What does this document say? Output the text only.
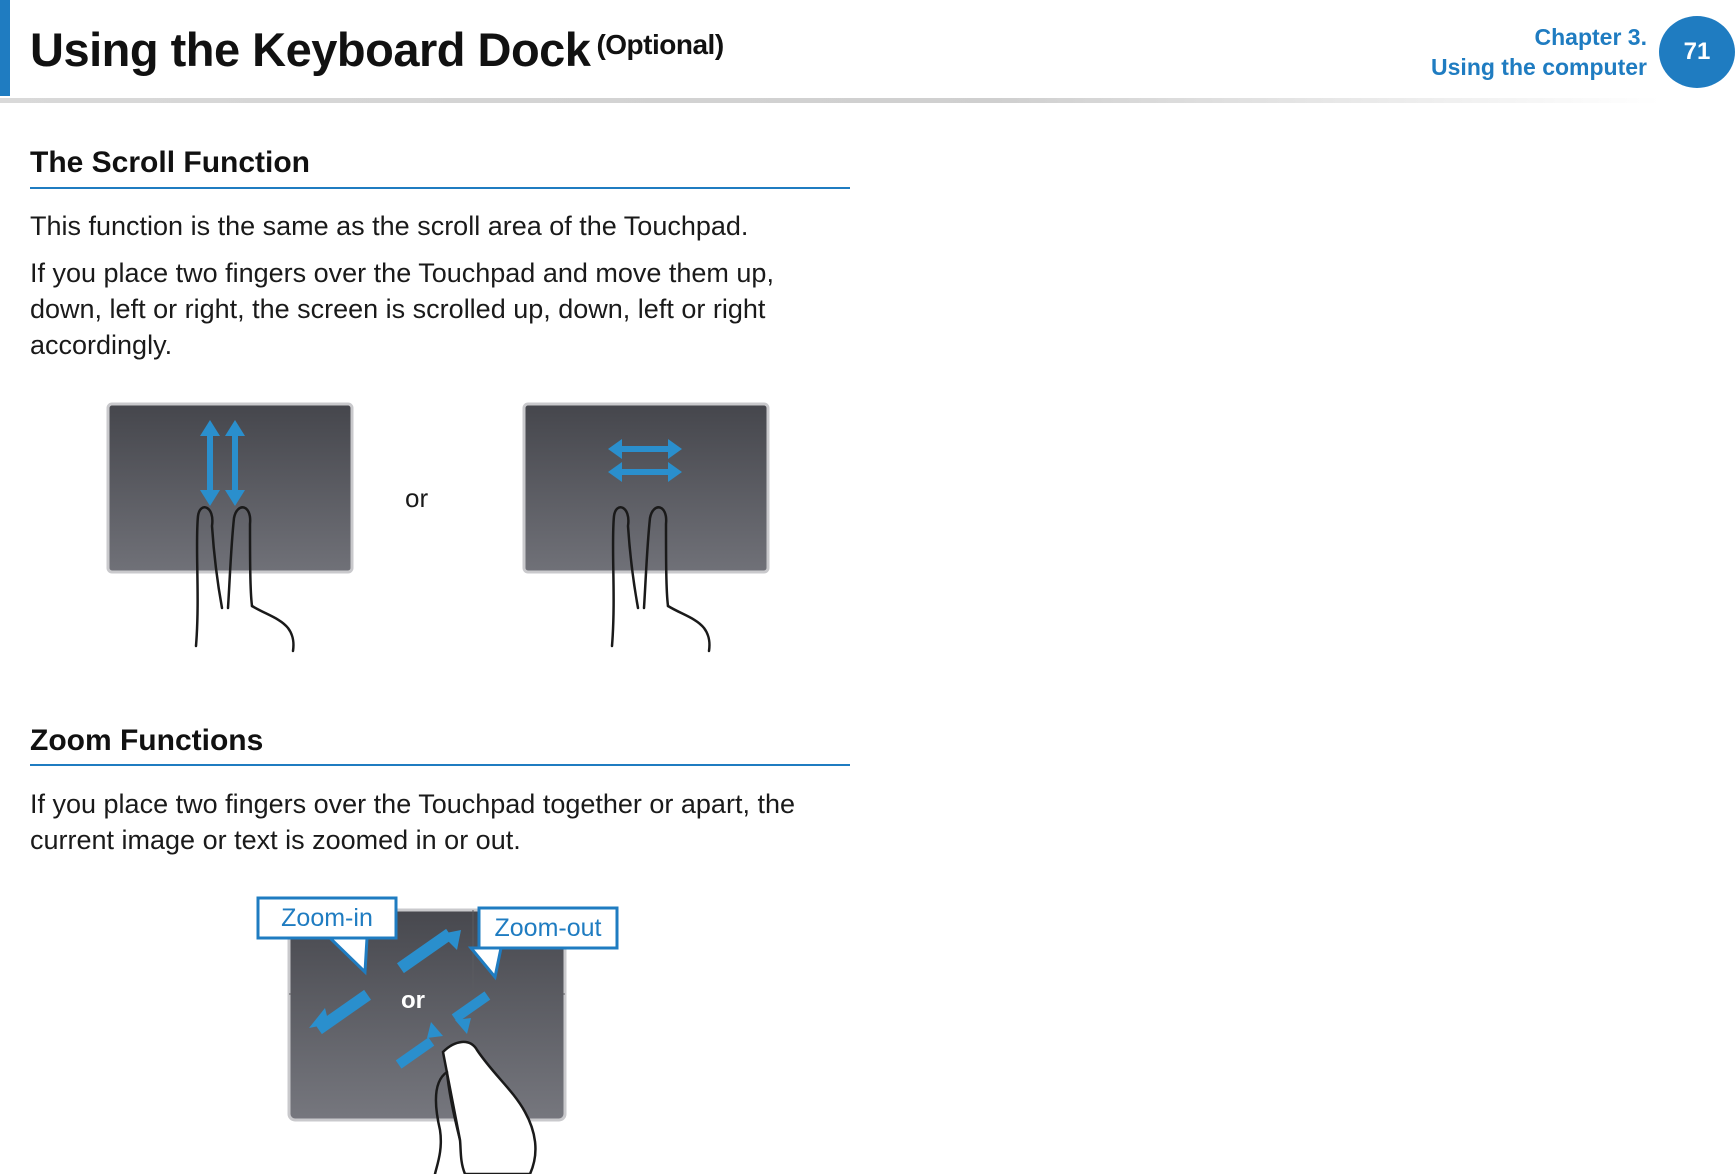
Using the Keyboard Dock $^{(Optional)}$	Chapter 3.
Using the computer
71
The Scroll Function

This function is the same as the scroll area of the Touchpad.

If you place two fingers over the Touchpad and move them up, down, left or right, the screen is scrolled up, down, left or right accordingly.

or
Zoom Functions

If you place two fingers over the Touchpad together or apart, the current image or text is zoomed in or out.

or
Zoom-in	Zoom-out
